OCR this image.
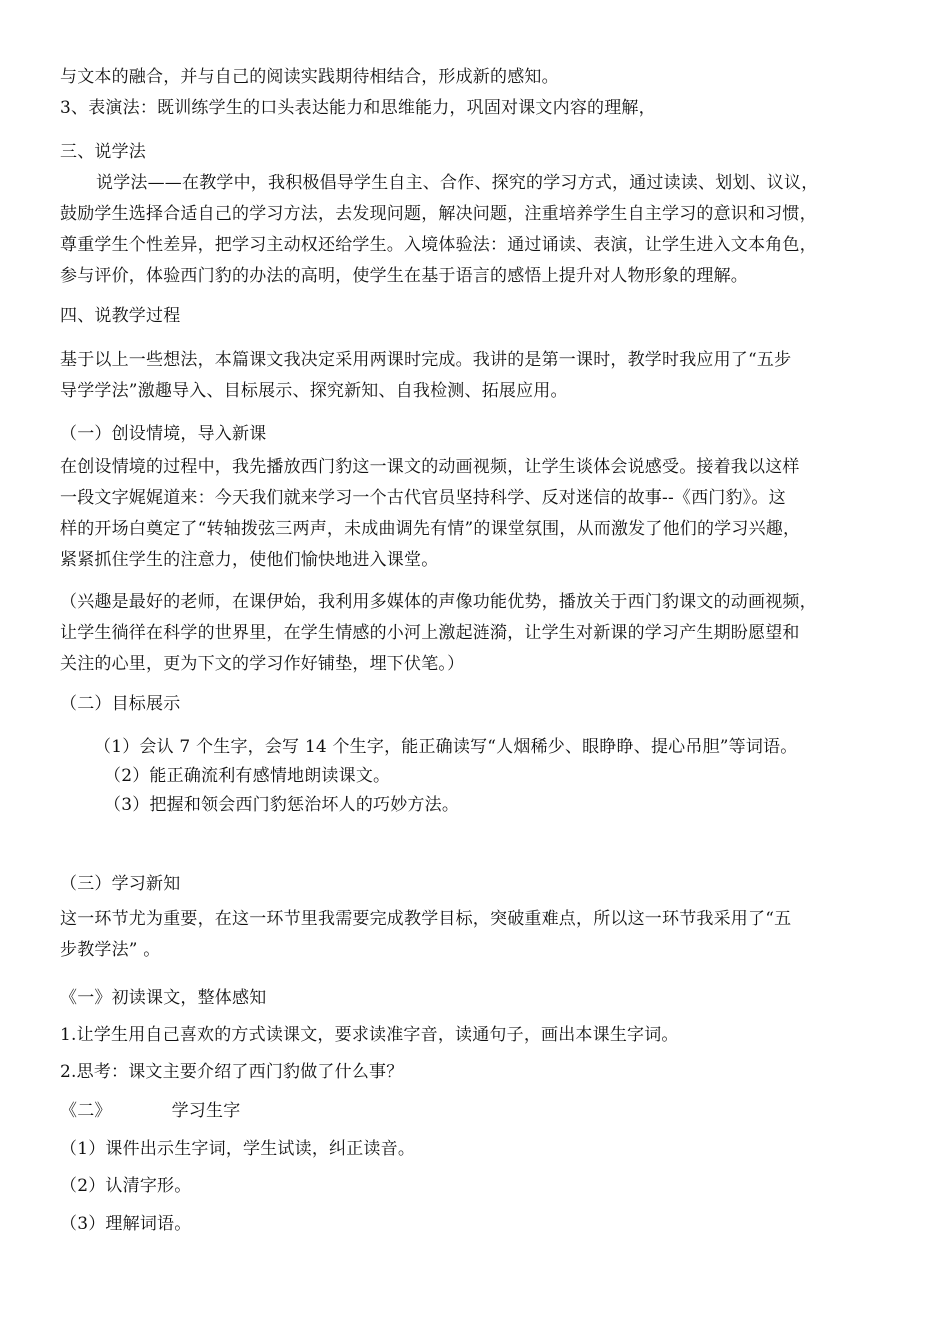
与文本的融合，并与自己的阅读实践期待相结合，形成新的感知。
3、表演法：既训练学生的口头表达能力和思维能力，巩固对课文内容的理解，
三、说学法
说学法——在教学中，我积极倡导学生自主、合作、探究的学习方式，通过读读、划划、议议，
鼓励学生选择合适自己的学习方法，去发现问题，解决问题，注重培养学生自主学习的意识和习惯，
尊重学生个性差异，把学习主动权还给学生。入境体验法：通过诵读、表演，让学生进入文本角色，
参与评价，体验西门豹的办法的高明，使学生在基于语言的感悟上提升对人物形象的理解。
四、说教学过程
基于以上一些想法，本篇课文我决定采用两课时完成。我讲的是第一课时，教学时我应用了“五步
导学学法”激趣导入、目标展示、探究新知、自我检测、拓展应用。
（一）创设情境，导入新课
在创设情境的过程中，我先播放西门豹这一课文的动画视频，让学生谈体会说感受。接着我以这样
一段文字娓娓道来：今天我们就来学习一个古代官员坚持科学、反对迷信的故事--《西门豹》。这
样的开场白奠定了“转轴拨弦三两声，未成曲调先有情”的课堂氛围，从而激发了他们的学习兴趣，
紧紧抓住学生的注意力，使他们愉快地进入课堂。
（兴趣是最好的老师，在课伊始，我利用多媒体的声像功能优势，播放关于西门豹课文的动画视频，
让学生徜徉在科学的世界里，在学生情感的小河上激起涟漪，让学生对新课的学习产生期盼愿望和
关注的心里，更为下文的学习作好铺垫，埋下伏笔。）
（二）目标展示
（1）会认 7 个生字，会写 14 个生字，能正确读写“人烟稀少、眼睁睁、提心吊胆”等词语。
（2）能正确流利有感情地朗读课文。
（3）把握和领会西门豹惩治坏人的巧妙方法。
（三）学习新知
这一环节尤为重要，在这一环节里我需要完成教学目标，突破重难点，所以这一环节我采用了“五
步教学法” 。
《一》初读课文，整体感知
1.让学生用自己喜欢的方式读课文，要求读准字音，读通句子，画出本课生字词。
2.思考：课文主要介绍了西门豹做了什么事？
《二》	学习生字
（1）课件出示生字词，学生试读，纠正读音。
（2）认清字形。
（3）理解词语。
